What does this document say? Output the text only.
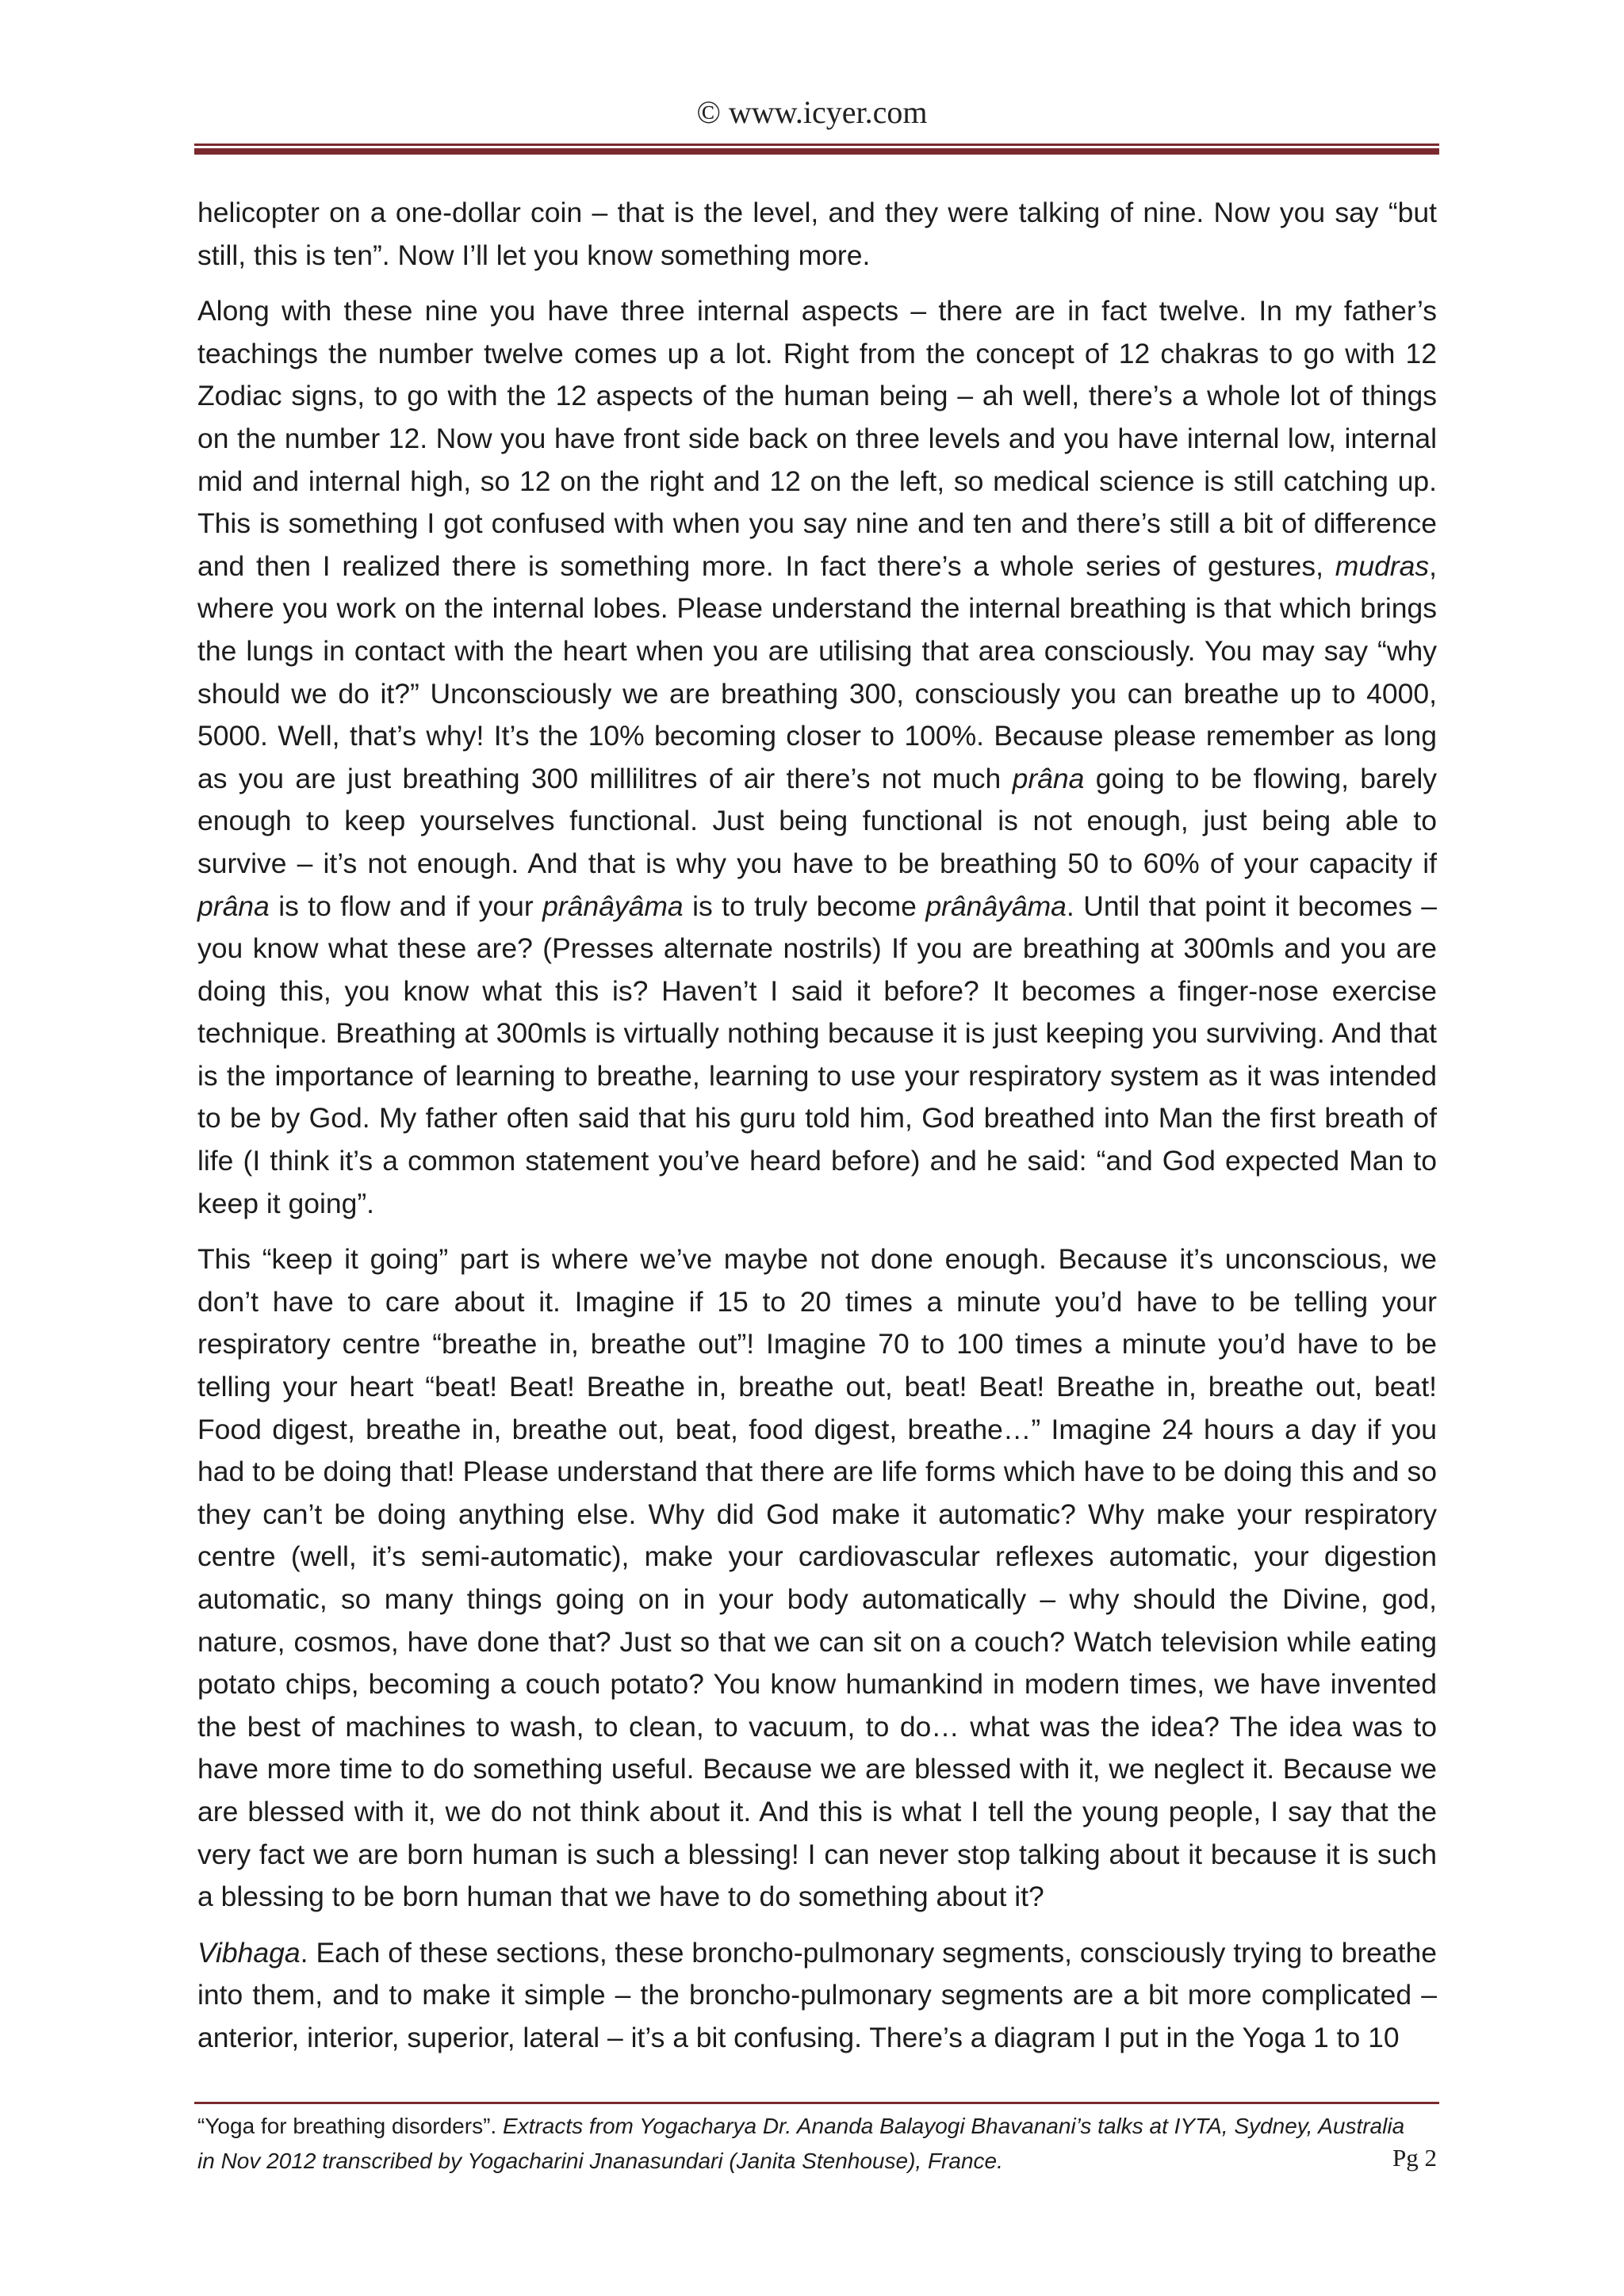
© www.icyer.com

helicopter on a one-dollar coin – that is the level, and they were talking of nine. Now you say “but still, this is ten”. Now I’ll let you know something more.

Along with these nine you have three internal aspects – there are in fact twelve. In my father’s teachings the number twelve comes up a lot. Right from the concept of 12 chakras to go with 12 Zodiac signs, to go with the 12 aspects of the human being – ah well, there’s a whole lot of things on the number 12. Now you have front side back on three levels and you have internal low, internal mid and internal high, so 12 on the right and 12 on the left, so medical science is still catching up. This is something I got confused with when you say nine and ten and there’s still a bit of difference and then I realized there is something more. In fact there’s a whole series of gestures, mudras, where you work on the internal lobes. Please understand the internal breathing is that which brings the lungs in contact with the heart when you are utilising that area consciously. You may say “why should we do it?” Unconsciously we are breathing 300, consciously you can breathe up to 4000, 5000. Well, that’s why! It’s the 10% becoming closer to 100%. Because please remember as long as you are just breathing 300 millilitres of air there’s not much prâna going to be flowing, barely enough to keep yourselves functional. Just being functional is not enough, just being able to survive – it’s not enough. And that is why you have to be breathing 50 to 60% of your capacity if prâna is to flow and if your prânâyâma is to truly become prânâyâma. Until that point it becomes – you know what these are? (Presses alternate nostrils) If you are breathing at 300mls and you are doing this, you know what this is? Haven’t I said it before? It becomes a finger-nose exercise technique. Breathing at 300mls is virtually nothing because it is just keeping you surviving. And that is the importance of learning to breathe, learning to use your respiratory system as it was intended to be by God. My father often said that his guru told him, God breathed into Man the first breath of life (I think it’s a common statement you’ve heard before) and he said: “and God expected Man to keep it going”.

This “keep it going” part is where we’ve maybe not done enough. Because it’s unconscious, we don’t have to care about it. Imagine if 15 to 20 times a minute you’d have to be telling your respiratory centre “breathe in, breathe out”! Imagine 70 to 100 times a minute you’d have to be telling your heart “beat! Beat! Breathe in, breathe out, beat! Beat! Breathe in, breathe out, beat! Food digest, breathe in, breathe out, beat, food digest, breathe…” Imagine 24 hours a day if you had to be doing that! Please understand that there are life forms which have to be doing this and so they can’t be doing anything else. Why did God make it automatic? Why make your respiratory centre (well, it’s semi-automatic), make your cardiovascular reflexes automatic, your digestion automatic, so many things going on in your body automatically – why should the Divine, god, nature, cosmos, have done that? Just so that we can sit on a couch? Watch television while eating potato chips, becoming a couch potato? You know humankind in modern times, we have invented the best of machines to wash, to clean, to vacuum, to do… what was the idea? The idea was to have more time to do something useful. Because we are blessed with it, we neglect it. Because we are blessed with it, we do not think about it. And this is what I tell the young people, I say that the very fact we are born human is such a blessing! I can never stop talking about it because it is such a blessing to be born human that we have to do something about it?

Vibhaga. Each of these sections, these broncho-pulmonary segments, consciously trying to breathe into them, and to make it simple – the broncho-pulmonary segments are a bit more complicated – anterior, interior, superior, lateral – it’s a bit confusing. There’s a diagram I put in the Yoga 1 to 10

“Yoga for breathing disorders”. Extracts from Yogacharya Dr. Ananda Balayogi Bhavanani’s talks at IYTA, Sydney, Australia
in Nov 2012 transcribed by Yogacharini Jnanasundari (Janita Stenhouse), France.	Pg 2
